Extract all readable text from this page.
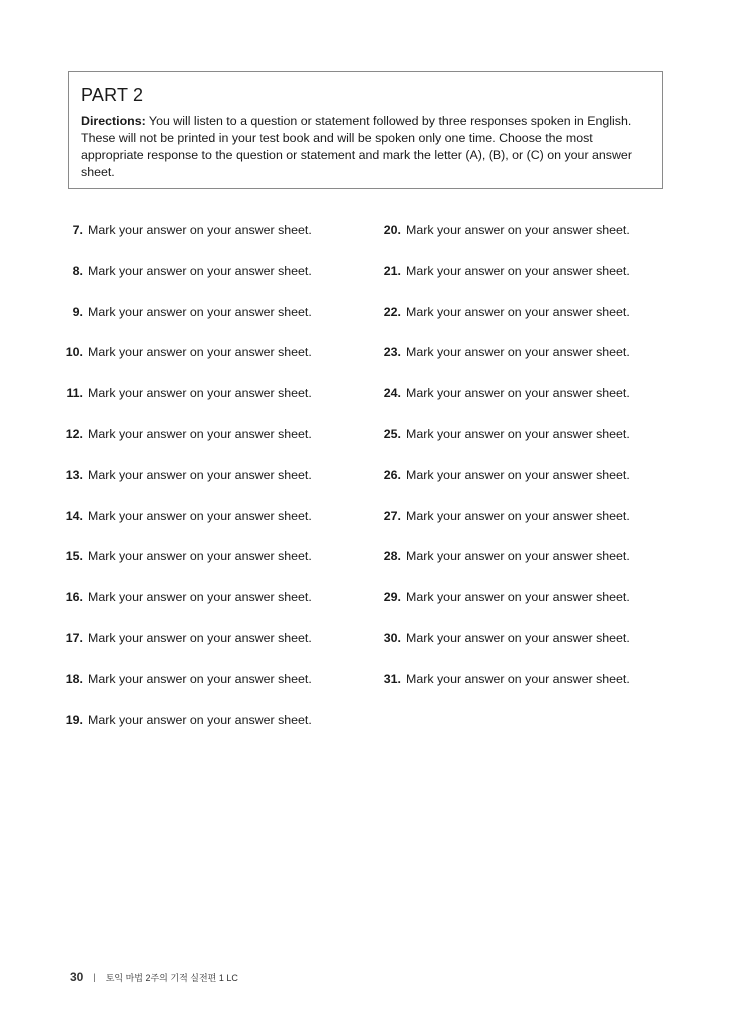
PART 2

Directions: You will listen to a question or statement followed by three responses spoken in English. These will not be printed in your test book and will be spoken only one time. Choose the most appropriate response to the question or statement and mark the letter (A), (B), or (C) on your answer sheet.

7. Mark your answer on your answer sheet.
8. Mark your answer on your answer sheet.
9. Mark your answer on your answer sheet.
10. Mark your answer on your answer sheet.
11. Mark your answer on your answer sheet.
12. Mark your answer on your answer sheet.
13. Mark your answer on your answer sheet.
14. Mark your answer on your answer sheet.
15. Mark your answer on your answer sheet.
16. Mark your answer on your answer sheet.
17. Mark your answer on your answer sheet.
18. Mark your answer on your answer sheet.
19. Mark your answer on your answer sheet.
20. Mark your answer on your answer sheet.
21. Mark your answer on your answer sheet.
22. Mark your answer on your answer sheet.
23. Mark your answer on your answer sheet.
24. Mark your answer on your answer sheet.
25. Mark your answer on your answer sheet.
26. Mark your answer on your answer sheet.
27. Mark your answer on your answer sheet.
28. Mark your answer on your answer sheet.
29. Mark your answer on your answer sheet.
30. Mark your answer on your answer sheet.
31. Mark your answer on your answer sheet.
30 | 토익 마법 2주의 기적 실전편 1 LC
